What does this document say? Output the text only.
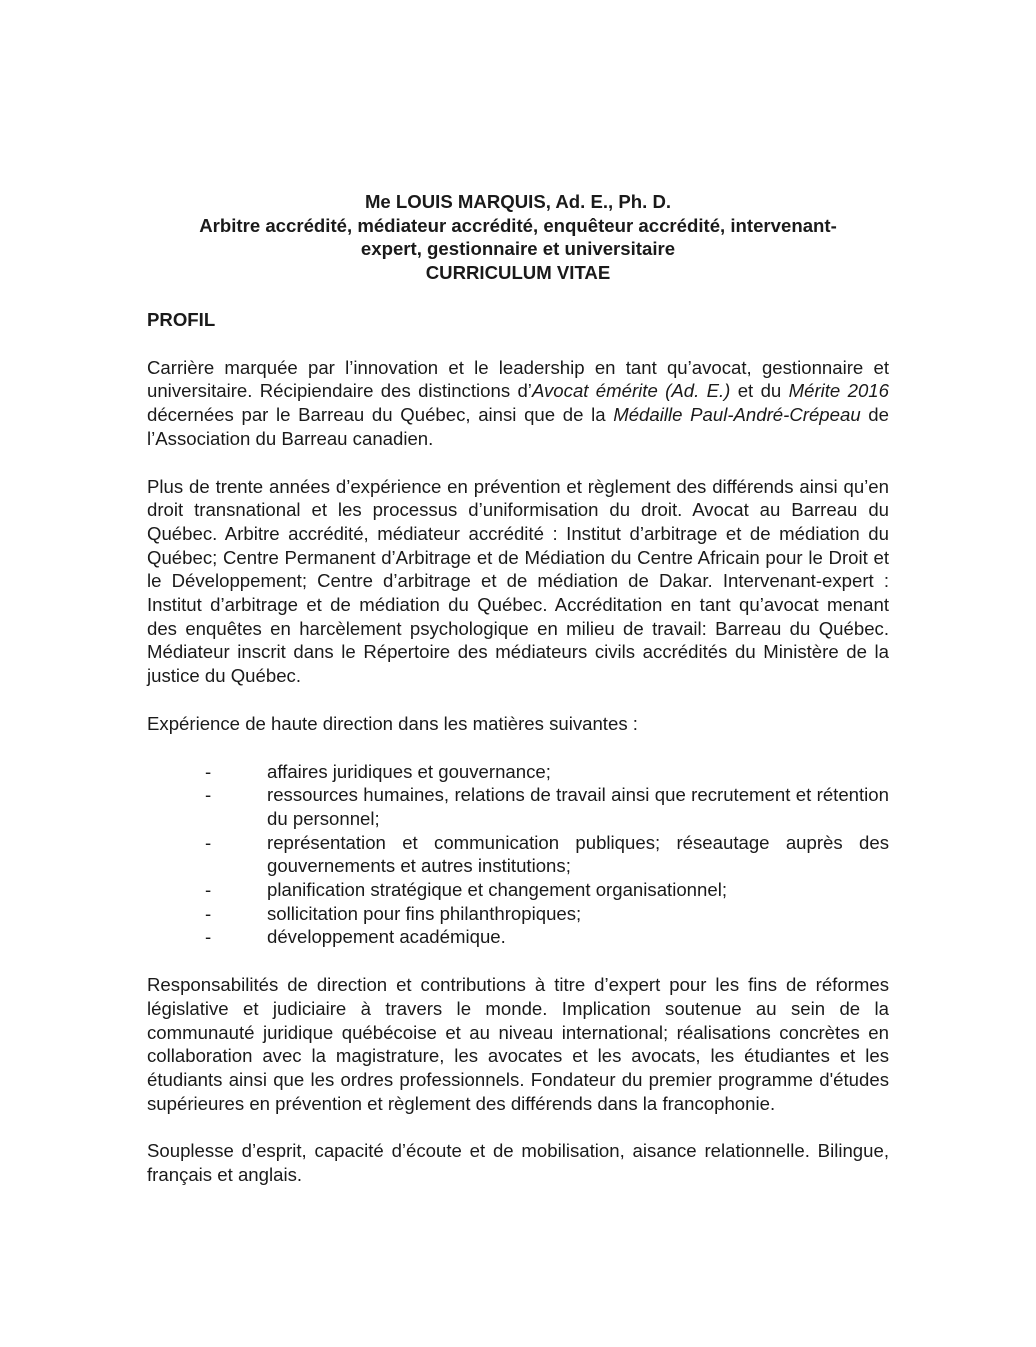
Me LOUIS MARQUIS, Ad. E., Ph. D.
Arbitre accrédité, médiateur accrédité, enquêteur accrédité, intervenant-
expert, gestionnaire et universitaire
CURRICULUM VITAE
PROFIL

Carrière marquée par l’innovation et le leadership en tant qu’avocat, gestionnaire et universitaire. Récipiendaire des distinctions d’Avocat émérite (Ad. E.) et du Mérite 2016 décernées par le Barreau du Québec, ainsi que de la Médaille Paul-André-Crépeau de l’Association du Barreau canadien.

Plus de trente années d’expérience en prévention et règlement des différends ainsi qu’en droit transnational et les processus d’uniformisation du droit. Avocat au Barreau du Québec. Arbitre accrédité, médiateur accrédité : Institut d’arbitrage et de médiation du Québec; Centre Permanent d’Arbitrage et de Médiation du Centre Africain pour le Droit et le Développement; Centre d’arbitrage et de médiation de Dakar. Intervenant-expert : Institut d’arbitrage et de médiation du Québec. Accréditation en tant qu’avocat menant des enquêtes en harcèlement psychologique en milieu de travail: Barreau du Québec. Médiateur inscrit dans le Répertoire des médiateurs civils accrédités du Ministère de la justice du Québec.

Expérience de haute direction dans les matières suivantes :

-	affaires juridiques et gouvernance;
-	ressources humaines, relations de travail ainsi que recrutement et rétention du personnel;
-	représentation et communication publiques; réseautage auprès des gouvernements et autres institutions;
-	planification stratégique et changement organisationnel;
-	sollicitation pour fins philanthropiques;
-	développement académique.

Responsabilités de direction et contributions à titre d’expert pour les fins de réformes législative et judiciaire à travers le monde. Implication soutenue au sein de la communauté juridique québécoise et au niveau international; réalisations concrètes en collaboration avec la magistrature, les avocates et les avocats, les étudiantes et les étudiants ainsi que les ordres professionnels. Fondateur du premier programme d'études supérieures en prévention et règlement des différends dans la francophonie.

Souplesse d’esprit, capacité d’écoute et de mobilisation, aisance relationnelle. Bilingue, français et anglais.
